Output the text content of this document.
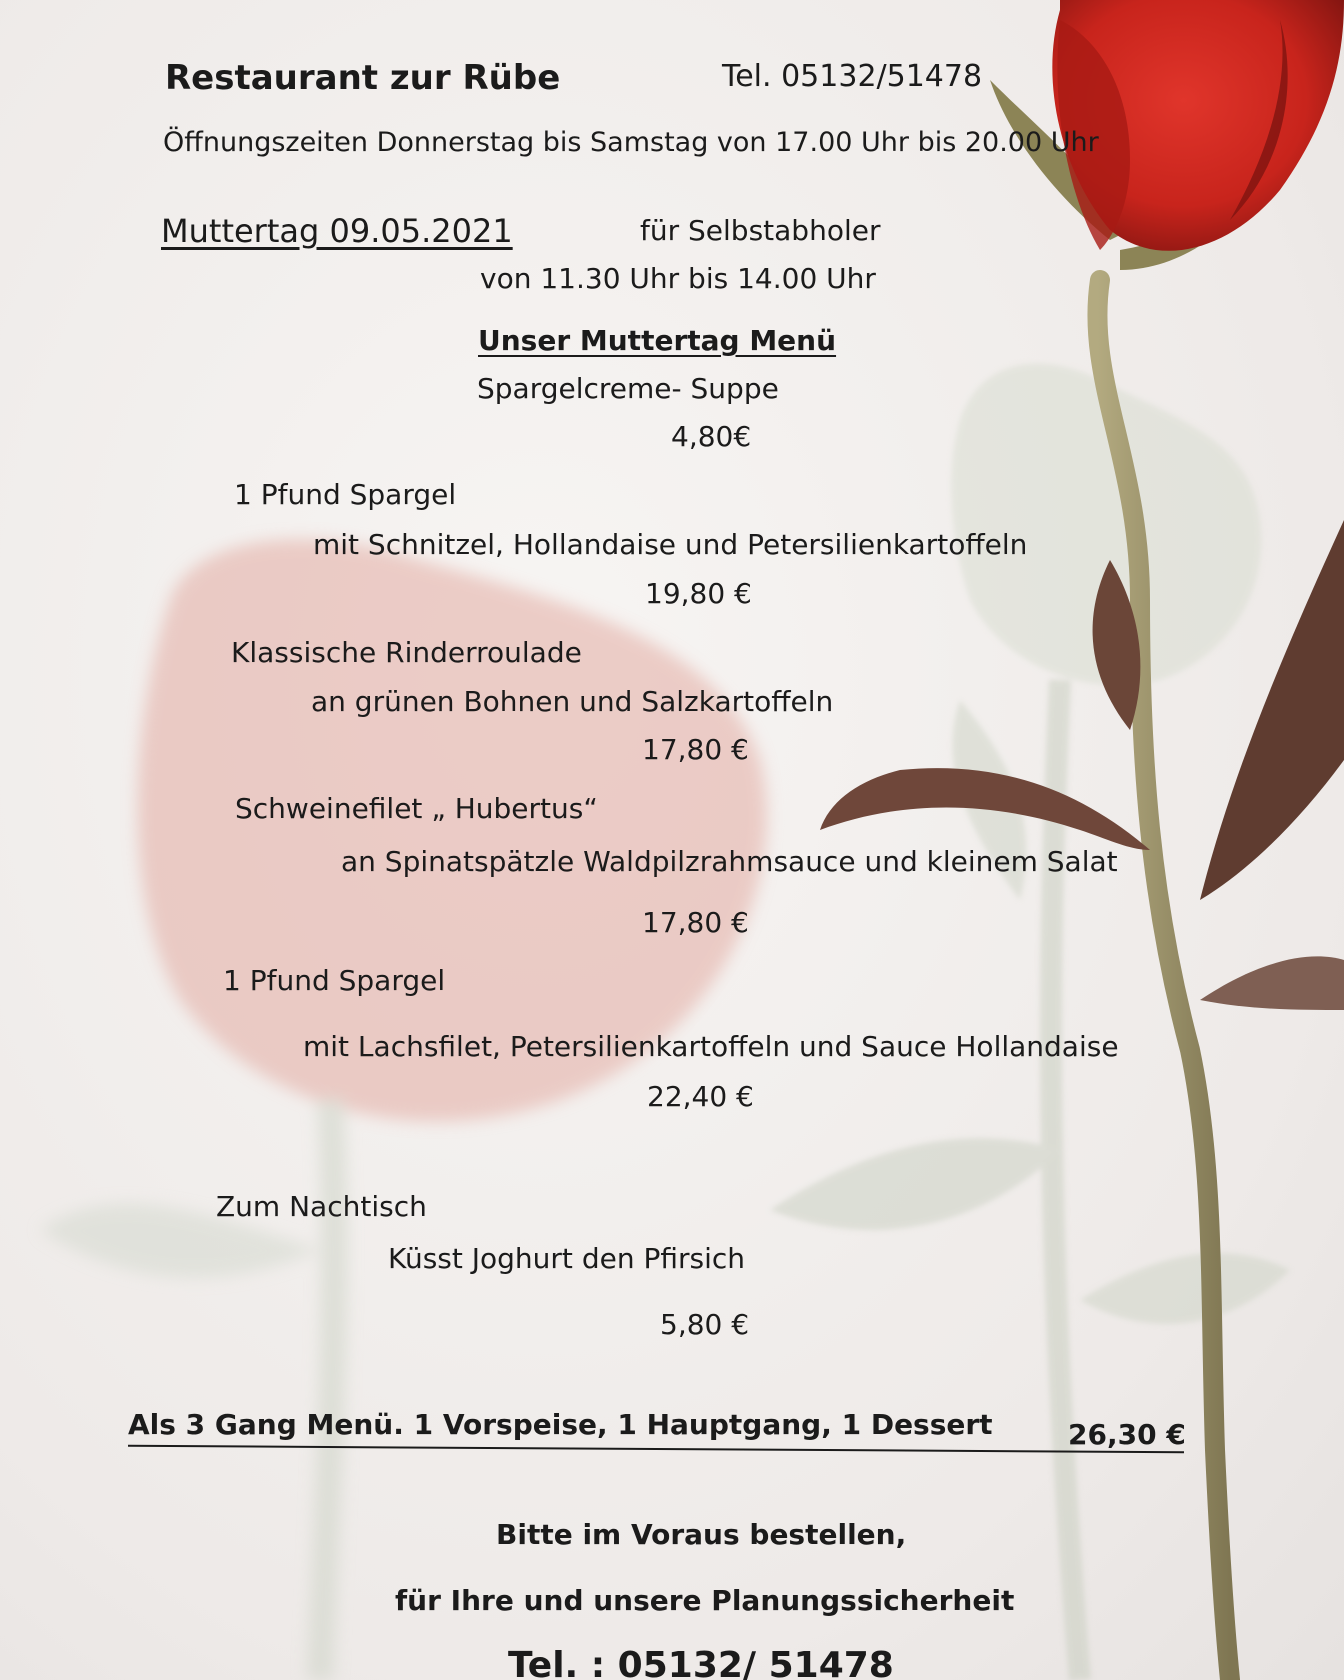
Restaurant zur Rübe	Tel. 05132/51478
Öffnungszeiten Donnerstag bis Samstag von 17.00 Uhr bis 20.00 Uhr
Muttertag 09.05.2021	für Selbstabholer
von 11.30 Uhr bis 14.00 Uhr
Unser Muttertag Menü
Spargelcreme- Suppe
4,80€
1 Pfund Spargel
mit Schnitzel, Hollandaise und Petersilienkartoffeln
19,80 €
Klassische Rinderroulade
an grünen Bohnen und Salzkartoffeln
17,80 €
Schweinefilet „ Hubertus“
an Spinatspätzle Waldpilzrahmsauce und kleinem Salat
17,80 €
1 Pfund Spargel
mit Lachsfilet, Petersilienkartoffeln und Sauce Hollandaise
22,40 €
Zum Nachtisch
Küsst Joghurt den Pfirsich
5,80 €
Als 3 Gang Menü. 1 Vorspeise, 1 Hauptgang, 1 Dessert	26,30 €
Bitte im Voraus bestellen,
für Ihre und unsere Planungssicherheit
Tel. : 05132/ 51478
